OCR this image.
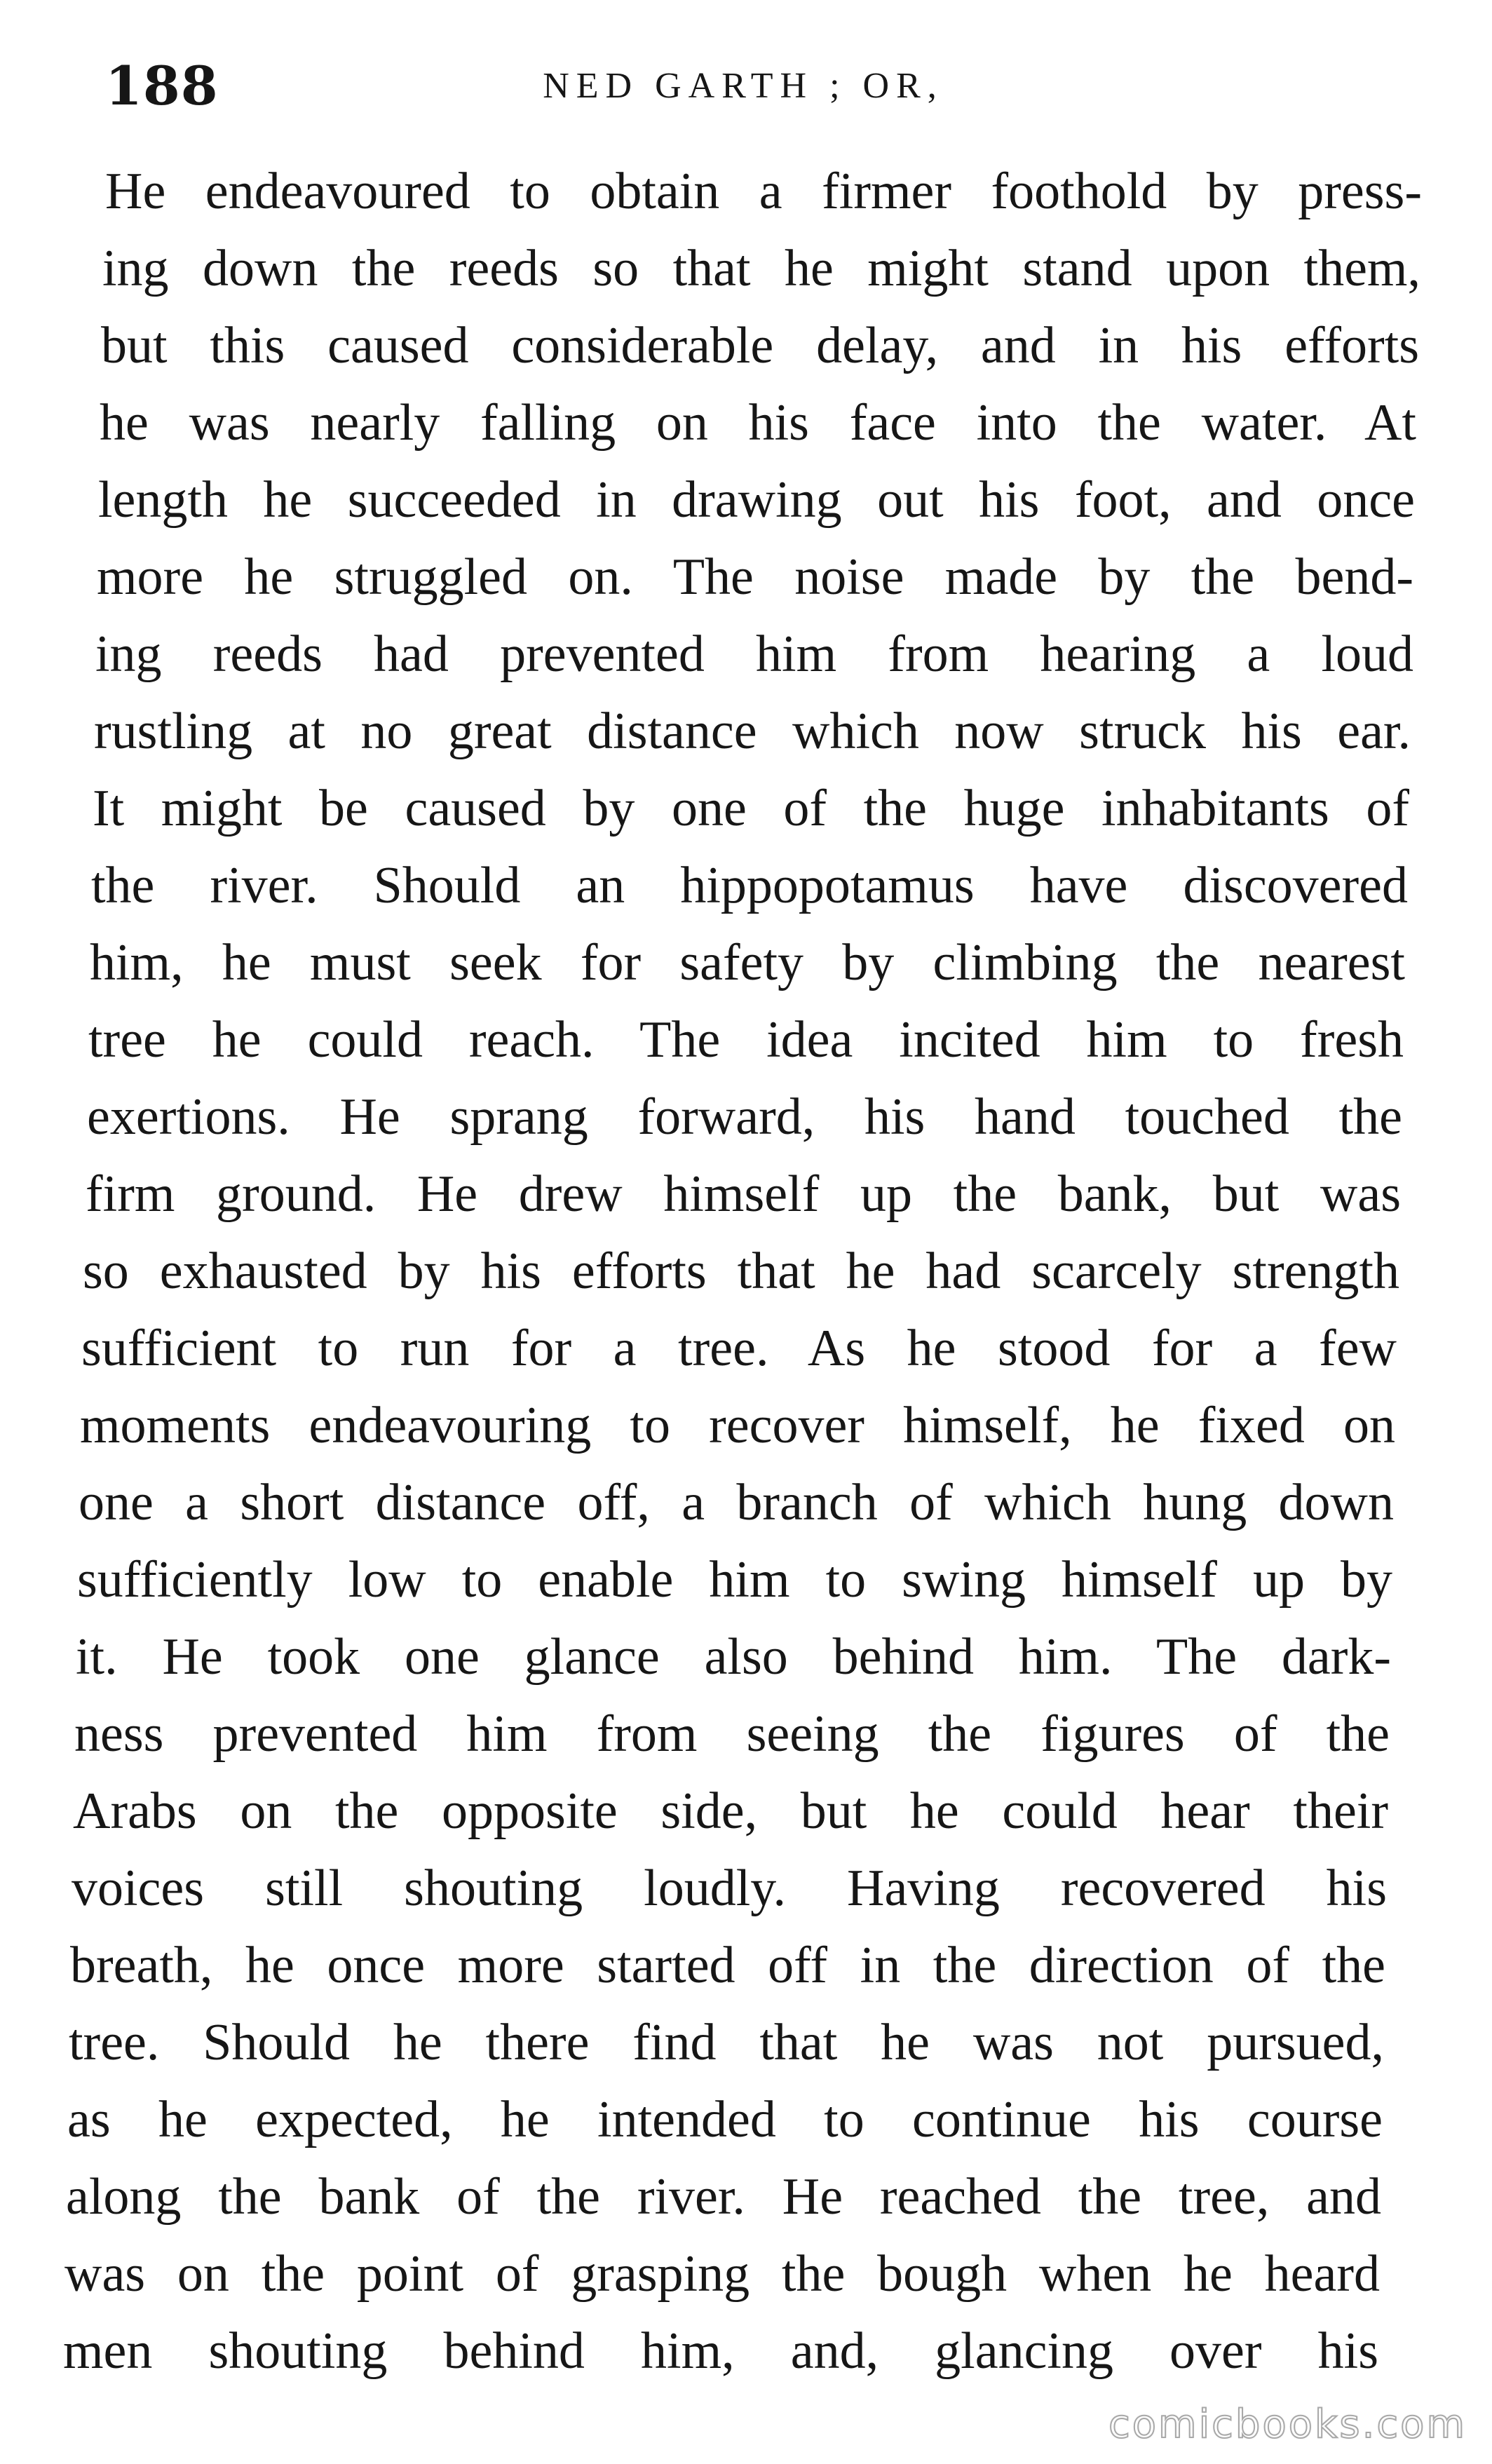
188	NED GARTH ; OR,
He endeavoured to obtain a firmer foothold by press-
ing down the reeds so that he might stand upon them,
but this caused considerable delay, and in his efforts
he was nearly falling on his face into the water. At
length he succeeded in drawing out his foot, and once
more he struggled on. The noise made by the bend-
ing reeds had prevented him from hearing a loud
rustling at no great distance which now struck his ear.
It might be caused by one of the huge inhabitants of
the river. Should an hippopotamus have discovered
him, he must seek for safety by climbing the nearest
tree he could reach. The idea incited him to fresh
exertions. He sprang forward, his hand touched the
firm ground. He drew himself up the bank, but was
so exhausted by his efforts that he had scarcely strength
sufficient to run for a tree. As he stood for a few
moments endeavouring to recover himself, he fixed on
one a short distance off, a branch of which hung down
sufficiently low to enable him to swing himself up by
it. He took one glance also behind him. The dark-
ness prevented him from seeing the figures of the
Arabs on the opposite side, but he could hear their
voices still shouting loudly. Having recovered his
breath, he once more started off in the direction of the
tree. Should he there find that he was not pursued,
as he expected, he intended to continue his course
along the bank of the river. He reached the tree, and
was on the point of grasping the bough when he heard
men shouting behind him, and, glancing over his
comicbooks.com
